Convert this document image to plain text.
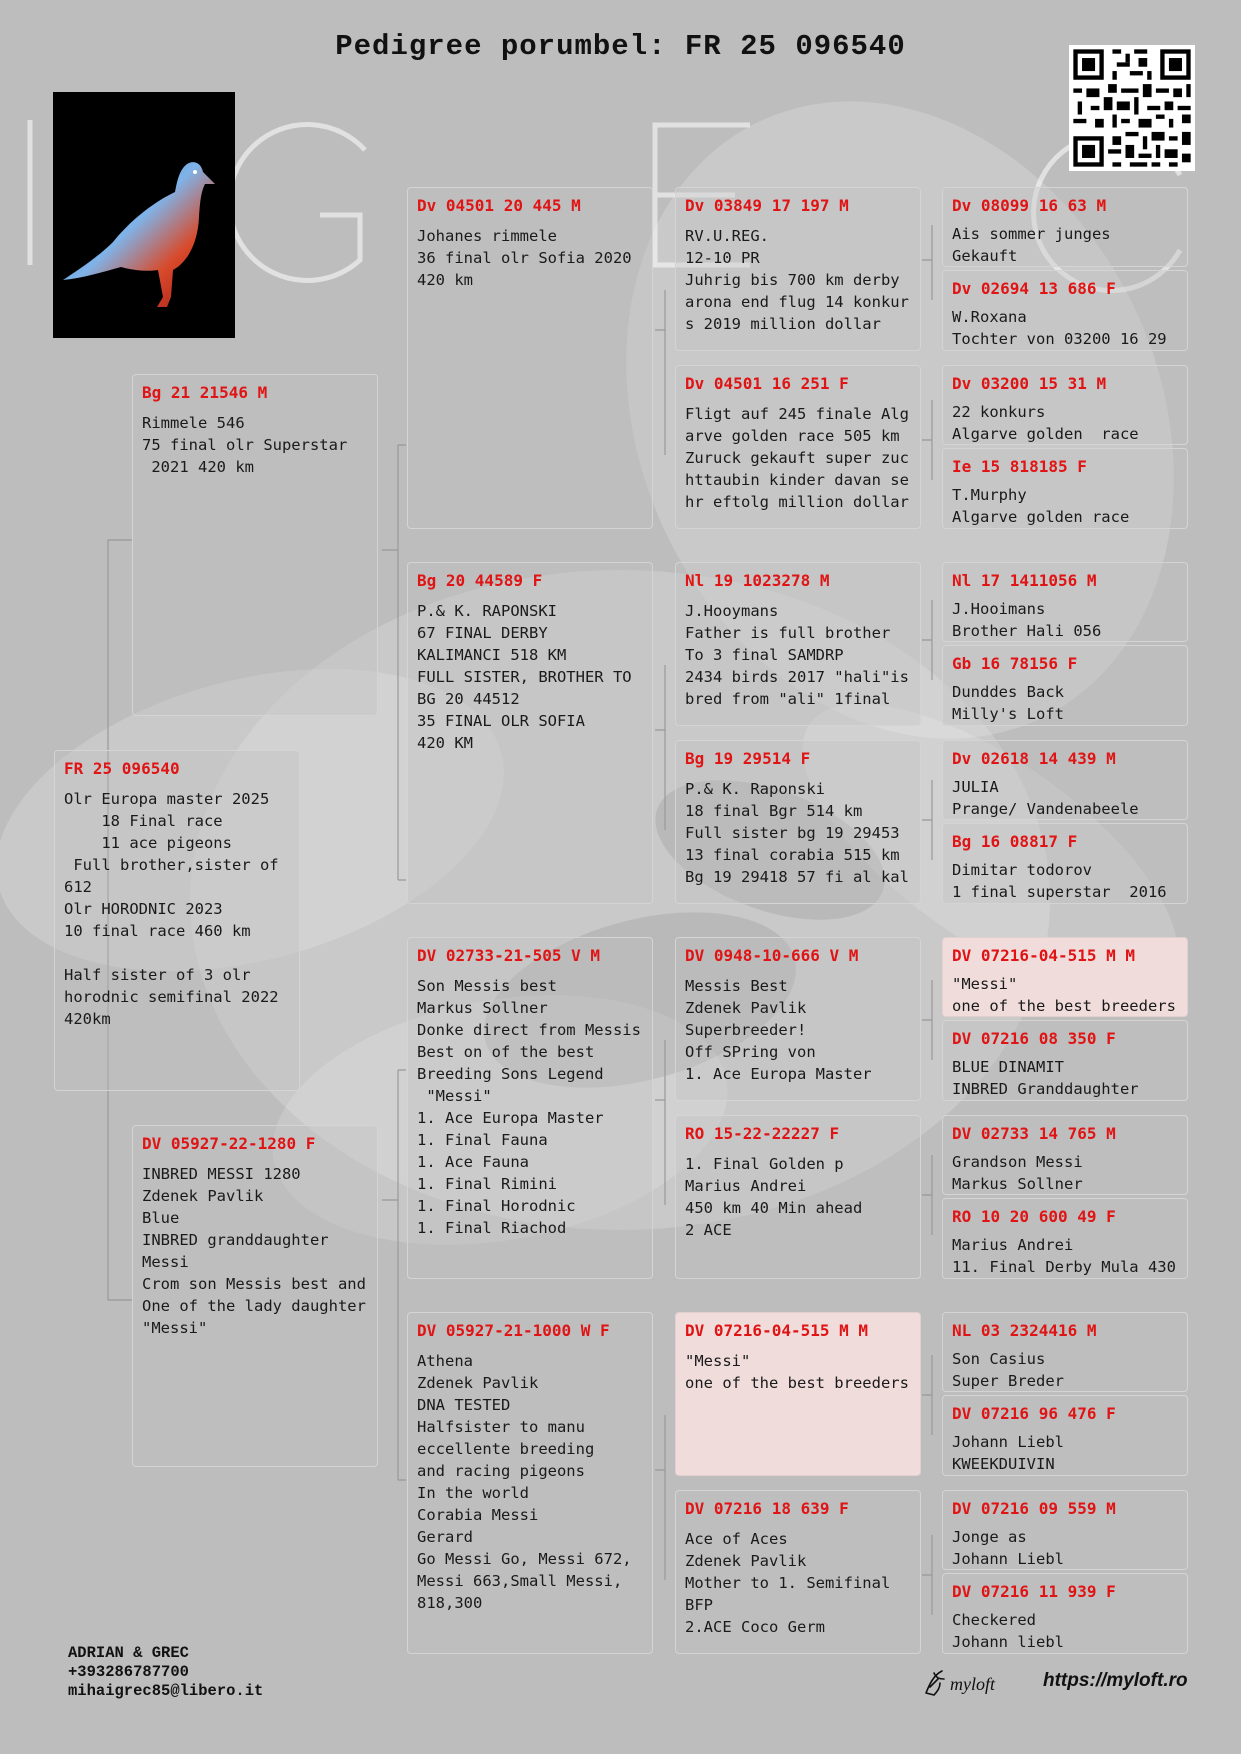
Pedigree porumbel: FR 25 096540
FR 25 096540
Olr Europa master 2025
18 Final race
11 ace pigeons
Full brother,sister of
612
Olr HORODNIC 2023
10 final race 460 km

Half sister of 3 olr
horodnic semifinal 2022
420km
Bg 21 21546 M
Rimmele 546
75 final olr Superstar
2021 420 km
DV 05927-22-1280 F
INBRED MESSI 1280
Zdenek Pavlik
Blue
INBRED granddaughter
Messi
Crom son Messis best and
One of the lady daughter
"Messi"
Dv 04501 20 445 M
Johanes rimmele
36 final olr Sofia 2020
420 km
Bg 20 44589 F
P.& K. RAPONSKI
67 FINAL DERBY
KALIMANCI 518 KM
FULL SISTER, BROTHER TO
BG 20 44512
35 FINAL OLR SOFIA
420 KM
DV 02733-21-505 V M
Son Messis best
Markus Sollner
Donke direct from Messis
Best on of the best
Breeding Sons Legend
"Messi"
1. Ace Europa Master
1. Final Fauna
1. Ace Fauna
1. Final Rimini
1. Final Horodnic
1. Final Riachod
DV 05927-21-1000 W F
Athena
Zdenek Pavlik
DNA TESTED
Halfsister to manu
eccellente breeding
and racing pigeons
In the world
Corabia Messi
Gerard
Go Messi Go, Messi 672,
Messi 663,Small Messi,
818,300
Dv 03849 17 197 M
RV.U.REG.
12-10 PR
Juhrig bis 700 km derby
arona end flug 14 konkur
s 2019 million dollar
Dv 04501 16 251 F
Fligt auf 245 finale Alg
arve golden race 505 km
Zuruck gekauft super zuc
httaubin kinder davan se
hr eftolg million dollar
Nl 19 1023278 M
J.Hooymans
Father is full brother
To 3 final SAMDRP
2434 birds 2017 "hali"is
bred from "ali" 1final
Bg 19 29514 F
P.& K. Raponski
18 final Bgr 514 km
Full sister bg 19 29453
13 final corabia 515 km
Bg 19 29418 57 fi al kal
DV 0948-10-666 V M
Messis Best
Zdenek Pavlik
Superbreeder!
Off SPring von
1. Ace Europa Master
RO 15-22-22227 F
1. Final Golden p
Marius Andrei
450 km 40 Min ahead
2 ACE
DV 07216-04-515 M M
"Messi"
one of the best breeders
DV 07216 18 639 F
Ace of Aces
Zdenek Pavlik
Mother to 1. Semifinal
BFP
2.ACE Coco Germ
Dv 08099 16 63 M
Ais sommer junges
Gekauft
Dv 02694 13 686 F
W.Roxana
Tochter von 03200 16 29
Dv 03200 15 31 M
22 konkurs
Algarve golden  race
Ie 15 818185 F
T.Murphy
Algarve golden race
Nl 17 1411056 M
J.Hooimans
Brother Hali 056
Gb 16 78156 F
Dunddes Back
Milly's Loft
Dv 02618 14 439 M
JULIA
Prange/ Vandenabeele
Bg 16 08817 F
Dimitar todorov
1 final superstar  2016
DV 07216-04-515 M M
"Messi"
one of the best breeders
DV 07216 08 350 F
BLUE DINAMIT
INBRED Granddaughter
DV 02733 14 765 M
Grandson Messi
Markus Sollner
RO 10 20 600 49 F
Marius Andrei
11. Final Derby Mula 430
NL 03 2324416 M
Son Casius
Super Breder
DV 07216 96 476 F
Johann Liebl
KWEEKDUIVIN
DV 07216 09 559 M
Jonge as
Johann Liebl
DV 07216 11 939 F
Checkered
Johann liebl
ADRIAN & GREC
+393286787700
mihaigrec85@libero.it	myloft	https://myloft.ro
